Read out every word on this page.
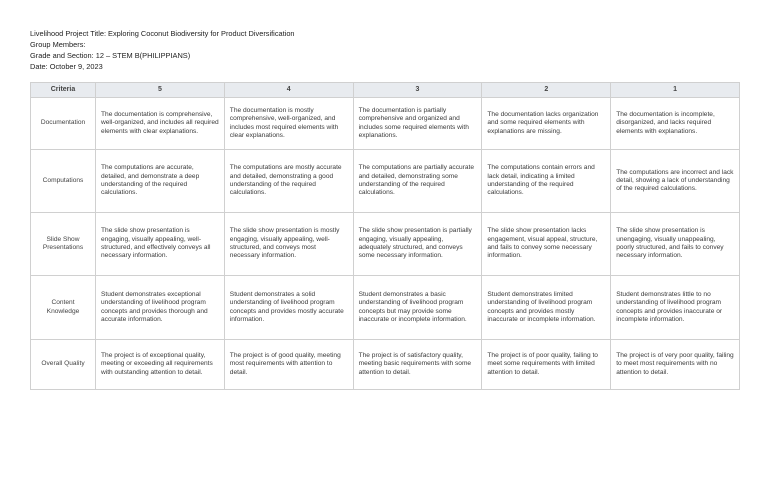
Livelihood Project Title: Exploring Coconut Biodiversity for Product Diversification
Group Members:
Grade and Section: 12 – STEM B(PHILIPPIANS)
Date: October 9, 2023
Criteria	5	4	3	2	1
Documentation	The documentation is comprehensive, well-organized, and includes all required elements with clear explanations.	The documentation is mostly comprehensive, well-organized, and includes most required elements with clear explanations.	The documentation is partially comprehensive and organized and includes some required elements with explanations.	The documentation lacks organization and some required elements with explanations are missing.	The documentation is incomplete, disorganized, and lacks required elements with explanations.
Computations	The computations are accurate, detailed, and demonstrate a deep understanding of the required calculations.	The computations are mostly accurate and detailed, demonstrating a good understanding of the required calculations.	The computations are partially accurate and detailed, demonstrating some understanding of the required calculations.	The computations contain errors and lack detail, indicating a limited understanding of the required calculations.	The computations are incorrect and lack detail, showing a lack of understanding of the required calculations.
Slide Show Presentations	The slide show presentation is engaging, visually appealing, well-structured, and effectively conveys all necessary information.	The slide show presentation is mostly engaging, visually appealing, well-structured, and conveys most necessary information.	The slide show presentation is partially engaging, visually appealing, adequately structured, and conveys some necessary information.	The slide show presentation lacks engagement, visual appeal, structure, and fails to convey some necessary information.	The slide show presentation is unengaging, visually unappealing, poorly structured, and fails to convey necessary information.
Content Knowledge	Student demonstrates exceptional understanding of livelihood program concepts and provides thorough and accurate information.	Student demonstrates a solid understanding of livelihood program concepts and provides mostly accurate information.	Student demonstrates a basic understanding of livelihood program concepts but may provide some inaccurate or incomplete information.	Student demonstrates limited understanding of livelihood program concepts and provides mostly inaccurate or incomplete information.	Student demonstrates little to no understanding of livelihood program concepts and provides inaccurate or incomplete information.
Overall Quality	The project is of exceptional quality, meeting or exceeding all requirements with outstanding attention to detail.	The project is of good quality, meeting most requirements with attention to detail.	The project is of satisfactory quality, meeting basic requirements with some attention to detail.	The project is of poor quality, failing to meet some requirements with limited attention to detail.	The project is of very poor quality, failing to meet most requirements with no attention to detail.
